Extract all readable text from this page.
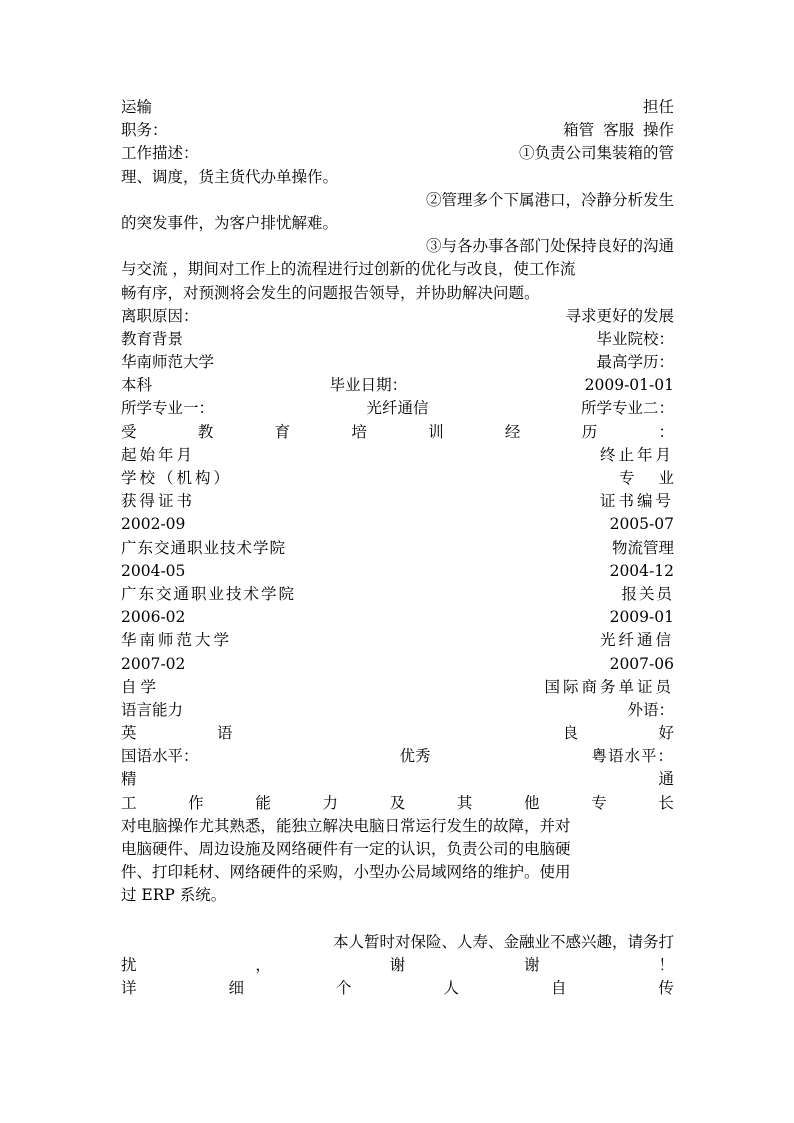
运输	担任
职务：	箱管 客服 操作
工作描述：	①负责公司集装箱的管
理、调度，货主货代办单操作。
②管理多个下属港口，冷静分析发生
的突发事件，为客户排忧解难。
③与各办事各部门处保持良好的沟通
与交流 ，期间对工作上的流程进行过创新的优化与改良，使工作流
畅有序，对预测将会发生的问题报告领导，并协助解决问题。
离职原因：	寻求更好的发展
教育背景	毕业院校：
华南师范大学	最高学历：
本科	毕业日期：	2009-01-01
所学专业一：	光纤通信	所学专业二：
受	教	育	培	训	经	历	：
起始年月	终止年月
学校（机构）	专业
获得证书	证书编号
2002-09	2005-07
广东交通职业技术学院	物流管理
2004-05	2004-12
广东交通职业技术学院	报关员
2006-02	2009-01
华南师范大学	光纤通信
2007-02	2007-06
自学	国际商务单证员
语言能力	外语：
英	语	良	好
国语水平：	优秀	粤语水平：
精	通
工	作	能	力	及	其	他	专	长
对电脑操作尤其熟悉，能独立解决电脑日常运行发生的故障，并对
电脑硬件、周边设施及网络硬件有一定的认识，负责公司的电脑硬
件、打印耗材、网络硬件的采购，小型办公局域网络的维护。使用
过 ERP 系统。
本人暂时对保险、人寿、金融业不感兴趣，请务打
扰	，	谢	谢	！
详	细	个	人	自	传
